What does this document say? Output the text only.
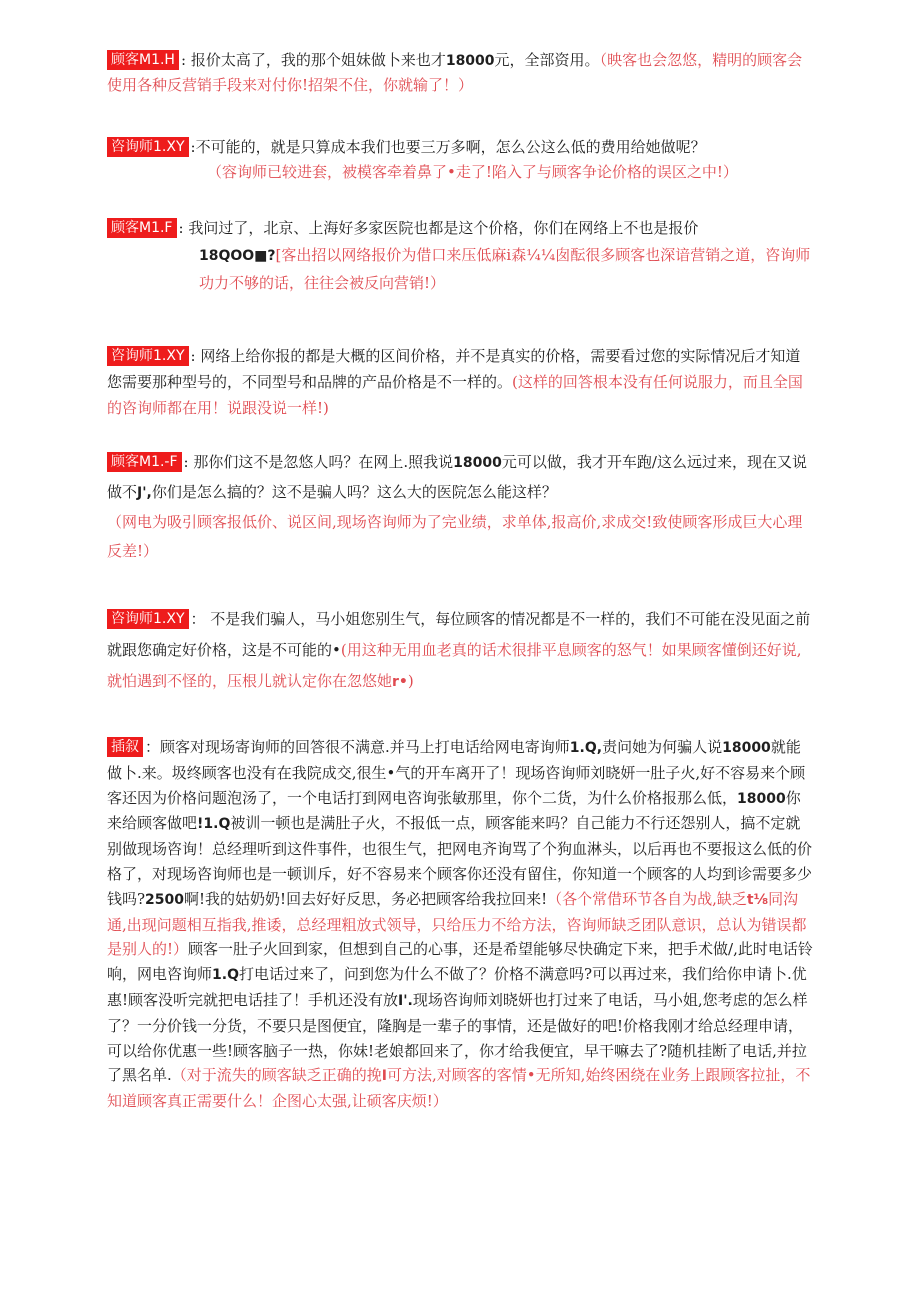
顾客M1.H : 报价太高了，我的那个姐妹做卜来也才18000元，全部资用。（映客也会忽悠，精明的顾客会使用各种反营销手段来对付你!招架不住，你就输了！）
咨询师1.XY :不可能的，就是只算成本我们也要三万多啊，怎么公这么低的费用给她做呢？
（容询师已较进套，被模客牵着鼻了•走了!陷入了与顾客争论价格的误区之中!）
顾客M1.F : 我问过了，北京、上海好多家医院也都是这个价格，你们在网络上不也是报价
18QOO■?[客出招以网络报价为借口来压低麻i森¼¼囱酝很多顾客也深谙营销之道，咨询师功力不够的话，往往会被反向营销!）
咨询师1.XY : 网络上给你报的都是大概的区间价格，并不是真实的价格，需要看过您的实际情况后才知道您需要那种型号的，不同型号和品牌的产品价格是不一样的。(这样的回答根本没有任何说服力，而且全国的咨询师都在用！说跟没说一样!)
顾客M1.-F : 那你们这不是忽悠人吗？在网上.照我说18000元可以做，我才开车跑/这么远过来，现在又说做不J',你们是怎么搞的？这不是骗人吗？这么大的医院怎么能这样？
（网电为吸引顾客报低价、说区间,现场咨询师为了完业绩，求单体,报高价,求成交!致使顾客形成巨大心理反差!）
咨询师1.XY ： 不是我们骗人，马小姐您别生气，每位顾客的情况都是不一样的，我们不可能在没见面之前就跟您确定好价格，这是不可能的•(用这种无用血老真的话术很排平息顾客的怒气！如果顾客懂倒还好说,就怕遇到不怪的，压根儿就认定你在忽悠她r•)
插叙 ：顾客对现场寄询师的回答很不满意.并马上打电话给网电寄询师1.Q,责问她为何骗人说18000就能做卜.来。圾终顾客也没有在我院成交,很生•气的开车离开了！现场咨询师刘晓妍一肚子火,好不容易来个顾客还因为价格问题泡汤了，一个电话打到网电咨询张敏那里，你个二货，为什么价格报那么低，18000你来给顾客做吧!1.Q被训一顿也是满肚子火，不报低一点，顾客能来吗？自己能力不行还怨别人，搞不定就别做现场咨询！总经理听到这件事件，也很生气，把网电齐询骂了个狗血淋头，以后再也不要报这么低的价格了，对现场咨询师也是一顿训斥，好不容易来个顾客你还没有留住，你知道一个顾客的人均到诊需要多少钱吗?2500啊!我的姑奶奶!回去好好反思，务必把顾客给我拉回来!（各个常借环节各自为战,缺乏t⅛同沟通,出现问题相互指我,推诿，总经理粗放式领导，只给压力不给方法，咨询师缺乏团队意识，总认为错误都是别人的!）顾客一肚子火回到家，但想到自己的心事，还是希望能够尽快确定下来，把手术做/,此时电话铃响，网电咨询师1.Q打电话过来了，问到您为什么不做了？价格不满意吗?可以再过来，我们给你申请卜.优惠!顾客没听完就把电话挂了！手机还没有放I'.现场咨询师刘晓妍也打过来了电话，马小姐,您考虑的怎么样了？一分价钱一分货，不要只是图便宜，隆胸是一辈子的事情，还是做好的吧!价格我刚才给总经理申请，可以给你优惠一些!顾客脑子一热，你妹!老娘都回来了，你才给我便宜，早干嘛去了?随机挂断了电话,并拉了黑名单.（对于流失的顾客缺乏正确的挽I可方法,对顾客的客情•无所知,始终困绕在业务上跟顾客拉扯，不知道顾客真正需要什么！企图心太强,让硕客庆烦!）
